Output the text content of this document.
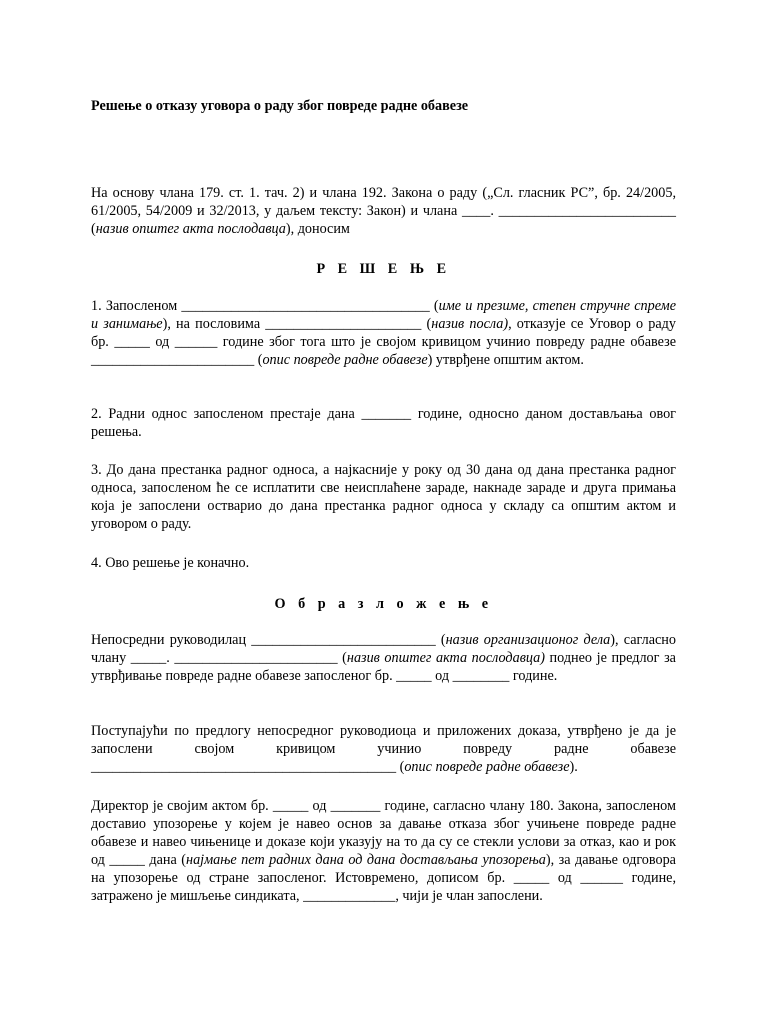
Решење о отказу уговора о раду због повреде радне обавезе
На основу члана 179. ст. 1. тач. 2) и члана 192. Закона о раду („Сл. гласник РС”, бр. 24/2005, 61/2005, 54/2009 и 32/2013, у даљем тексту: Закон) и члана ____. _________________________ (назив општег акта послодавца), доносим
Р Е Ш Е Њ Е
1. Запосленом ___________________________________ (име и презиме, степен стручне спреме и занимање), на пословима ______________________ (назив посла), отказује се Уговор о раду бр. _____ од ______ године због тога што је својом кривицом учинио повреду радне обавезе _______________________ (опис повреде радне обавезе) утврђене општим актом.
2. Радни однос запосленом престаје дана _______ године, односно даном достављања овог решења.
3. До дана престанка радног односа, а најкасније у року од 30 дана од дана престанка радног односа, запосленом ће се исплатити све неисплаћене зараде, накнаде зараде и друга примања која је запослени остварио до дана престанка радног односа у складу са општим актом и уговором о раду.
4. Ово решење је коначно.
О б р а з л о ж е њ е
Непосредни руководилац __________________________ (назив организационог дела), сагласно члану _____. _______________________ (назив општег акта послодавца) поднео је предлог за утврђивање повреде радне обавезе запосленог бр. _____ од ________ године.
Поступајући по предлогу непосредног руководиоца и приложених доказа, утврђено је да је запослени својом кривицом учинио повреду радне обавезе ___________________________________________ (опис повреде радне обавезе).
Директор је својим актом бр. _____ од _______ године, сагласно члану 180. Закона, запосленом доставио упозорење у којем је навео основ за давање отказа због учињене повреде радне обавезе и навео чињенице и доказе који указују на то да су се стекли услови за отказ, као и рок од _____ дана (најмање пет радних дана од дана достављања упозорења), за давање одговора на упозорење од стране запосленог. Истовремено, дописом бр. _____ од ______ године, затражено је мишљење синдиката, _____________, чији је члан запослени.
